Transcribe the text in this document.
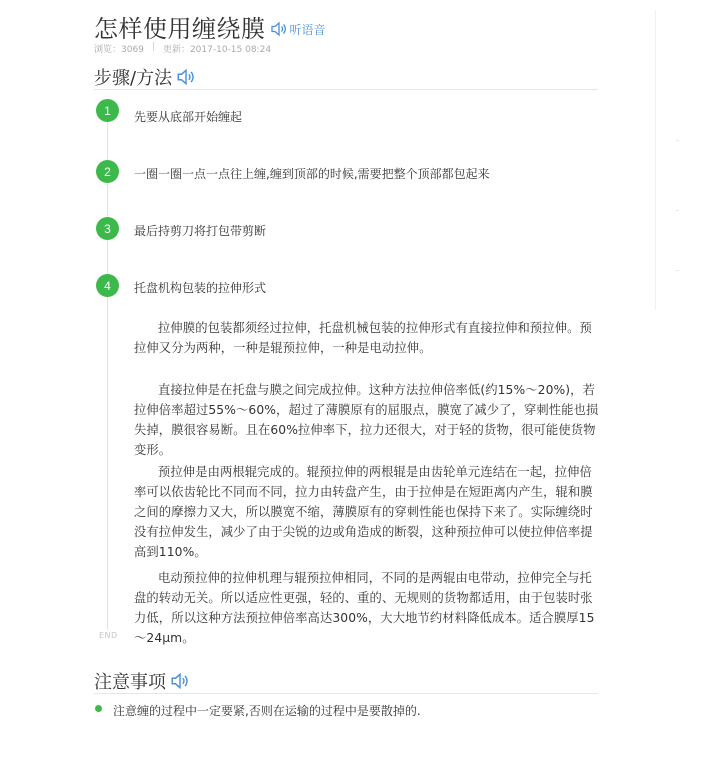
怎样使用缠绕膜 听语音
浏览：3069 | 更新：2017-10-15 08:24
步骤/方法
1	先要从底部开始缠起
2	一圈一圈一点一点往上缠,缠到顶部的时候,需要把整个顶部都包起来
3	最后持剪刀将打包带剪断
4	托盘机构包装的拉伸形式

拉伸膜的包装都须经过拉伸，托盘机械包装的拉伸形式有直接拉伸和预拉伸。预拉伸又分为两种，一种是辊预拉伸，一种是电动拉伸。

直接拉伸是在托盘与膜之间完成拉伸。这种方法拉伸倍率低(约15%～20%)，若拉伸倍率超过55%～60%，超过了薄膜原有的屈服点，膜宽了减少了，穿刺性能也损失掉，膜很容易断。且在60%拉伸率下，拉力还很大，对于轻的货物，很可能使货物变形。

预拉伸是由两根辊完成的。辊预拉伸的两根辊是由齿轮单元连结在一起，拉伸倍率可以依齿轮比不同而不同，拉力由转盘产生，由于拉伸是在短距离内产生，辊和膜之间的摩擦力又大，所以膜宽不缩，薄膜原有的穿刺性能也保持下来了。实际缠绕时没有拉伸发生，减少了由于尖锐的边或角造成的断裂，这种预拉伸可以使拉伸倍率提高到110%。

电动预拉伸的拉伸机理与辊预拉伸相同，不同的是两辊由电带动，拉伸完全与托盘的转动无关。所以适应性更强，轻的、重的、无规则的货物都适用，由于包装时张力低，所以这种方法预拉伸倍率高达300%，大大地节约材料降低成本。适合膜厚15～24μm。

END
注意事项
注意缠的过程中一定要紧,否则在运输的过程中是要散掉的.
